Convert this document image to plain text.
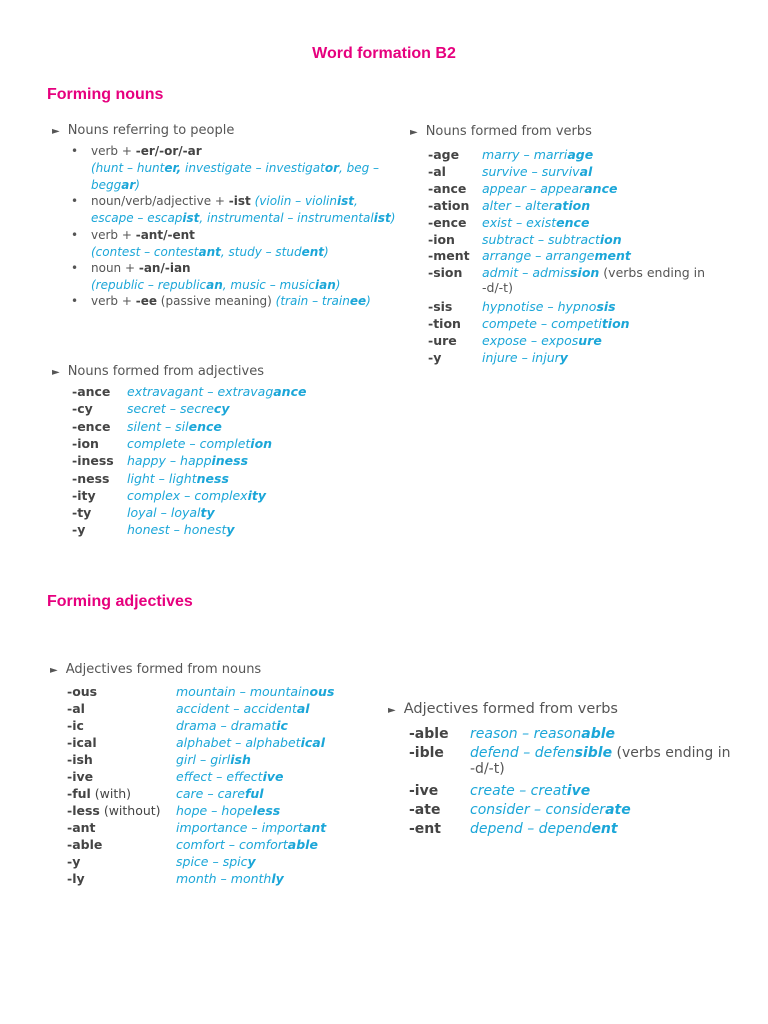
Word formation B2
Forming nouns
► Nouns referring to people
• verb + -er/-or/-ar
(hunt – hunter, investigate – investigator, beg –
beggar)
• noun/verb/adjective + -ist (violin – violinist,
escape – escapist, instrumental – instrumentalist)
• verb + -ant/-ent
(contest – contestant, study – student)
• noun + -an/-ian
(republic – republican, music – musician)
• verb + -ee (passive meaning) (train – trainee)
► Nouns formed from verbs
-age marry – marriage
-al	survive – survival
-ance appear – appearance
-ation alter – alteration
-ence exist – existence
-ion subtract – subtraction
-ment arrange – arrangement
-sion admit – admission (verbs ending in
-d/-t)
-sis hypnotise – hypnosis
-tion compete – competition
-ure expose – exposure
-y	injure – injury
► Nouns formed from adjectives
-ance extravagant – extravagance
-cy	secret – secrecy
-ence silent – silence
-ion complete – completion
-iness happy – happiness
-ness light – lightness
-ity	complex – complexity
-ty	loyal – loyalty
-y	honest – honesty
Forming adjectives
► Adjectives formed from nouns
-ous	mountain – mountainous
-al	accident – accidental
-ic	drama – dramatic
-ical	alphabet – alphabetical
-ish	girl – girlish
-ive	effect – effective
-ful (with)	care – careful
-less (without) hope – hopeless
-ant	importance – important
-able	comfort – comfortable
-y	spice – spicy
-ly	month – monthly
► Adjectives formed from verbs
-able reason – reasonable
-ible defend – defensible (verbs ending in
-d/-t)
-ive create – creative
-ate consider – considerate
-ent depend – dependent
